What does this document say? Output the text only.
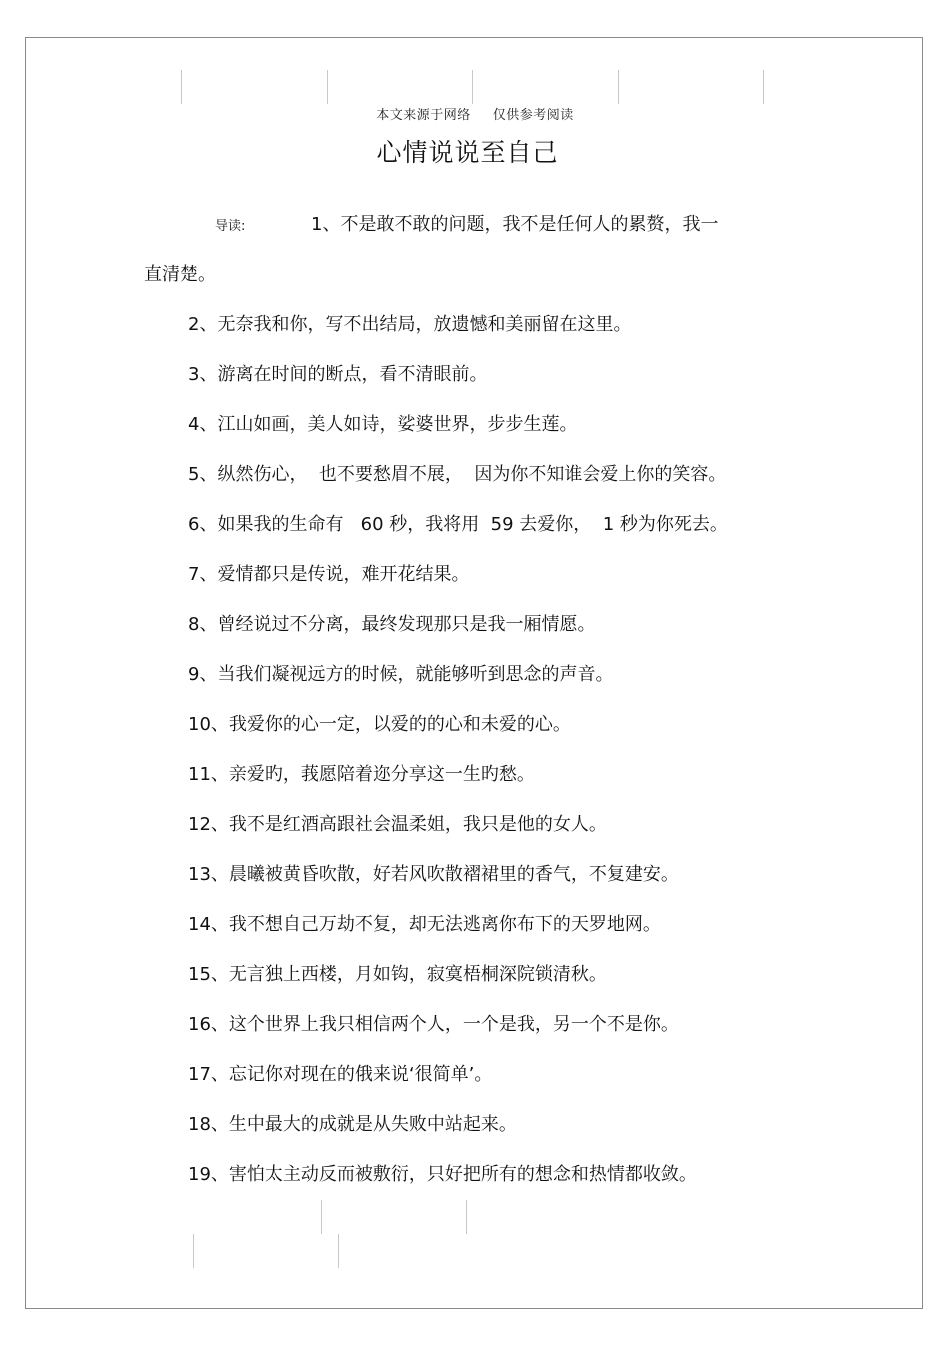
本文来源于网络 仅供参考阅读
心情说说至自己
导读:	1、不是敢不敢的问题，我不是任何人的累赘，我一
直清楚。
2、无奈我和你，写不出结局，放遗憾和美丽留在这里。
3、游离在时间的断点，看不清眼前。
4、江山如画，美人如诗，娑婆世界，步步生莲。
5、纵然伤心，  也不要愁眉不展，  因为你不知谁会爱上你的笑容。
6、如果我的生命有   60 秒，我将用  59 去爱你，  1 秒为你死去。
7、爱情都只是传说，难开花结果。
8、曾经说过不分离，最终发现那只是我一厢情愿。
9、当我们凝视远方的时候，就能够听到思念的声音。
10、我爱你的心一定，以爱的的心和未爱的心。
11、亲爱旳，莪愿陪着迩分享这一生旳愁。
12、我不是红酒高跟社会温柔姐，我只是他的女人。
13、晨曦被黄昏吹散，好若风吹散褶裙里的香气，不复建安。
14、我不想自己万劫不复，却无法逃离你布下的天罗地网。
15、无言独上西楼，月如钩，寂寞梧桐深院锁清秋。
16、这个世界上我只相信两个人，一个是我，另一个不是你。
17、忘记你对现在的俄来说‘很简单’。
18、生中最大的成就是从失败中站起来。
19、害怕太主动反而被敷衍，只好把所有的想念和热情都收敛。
